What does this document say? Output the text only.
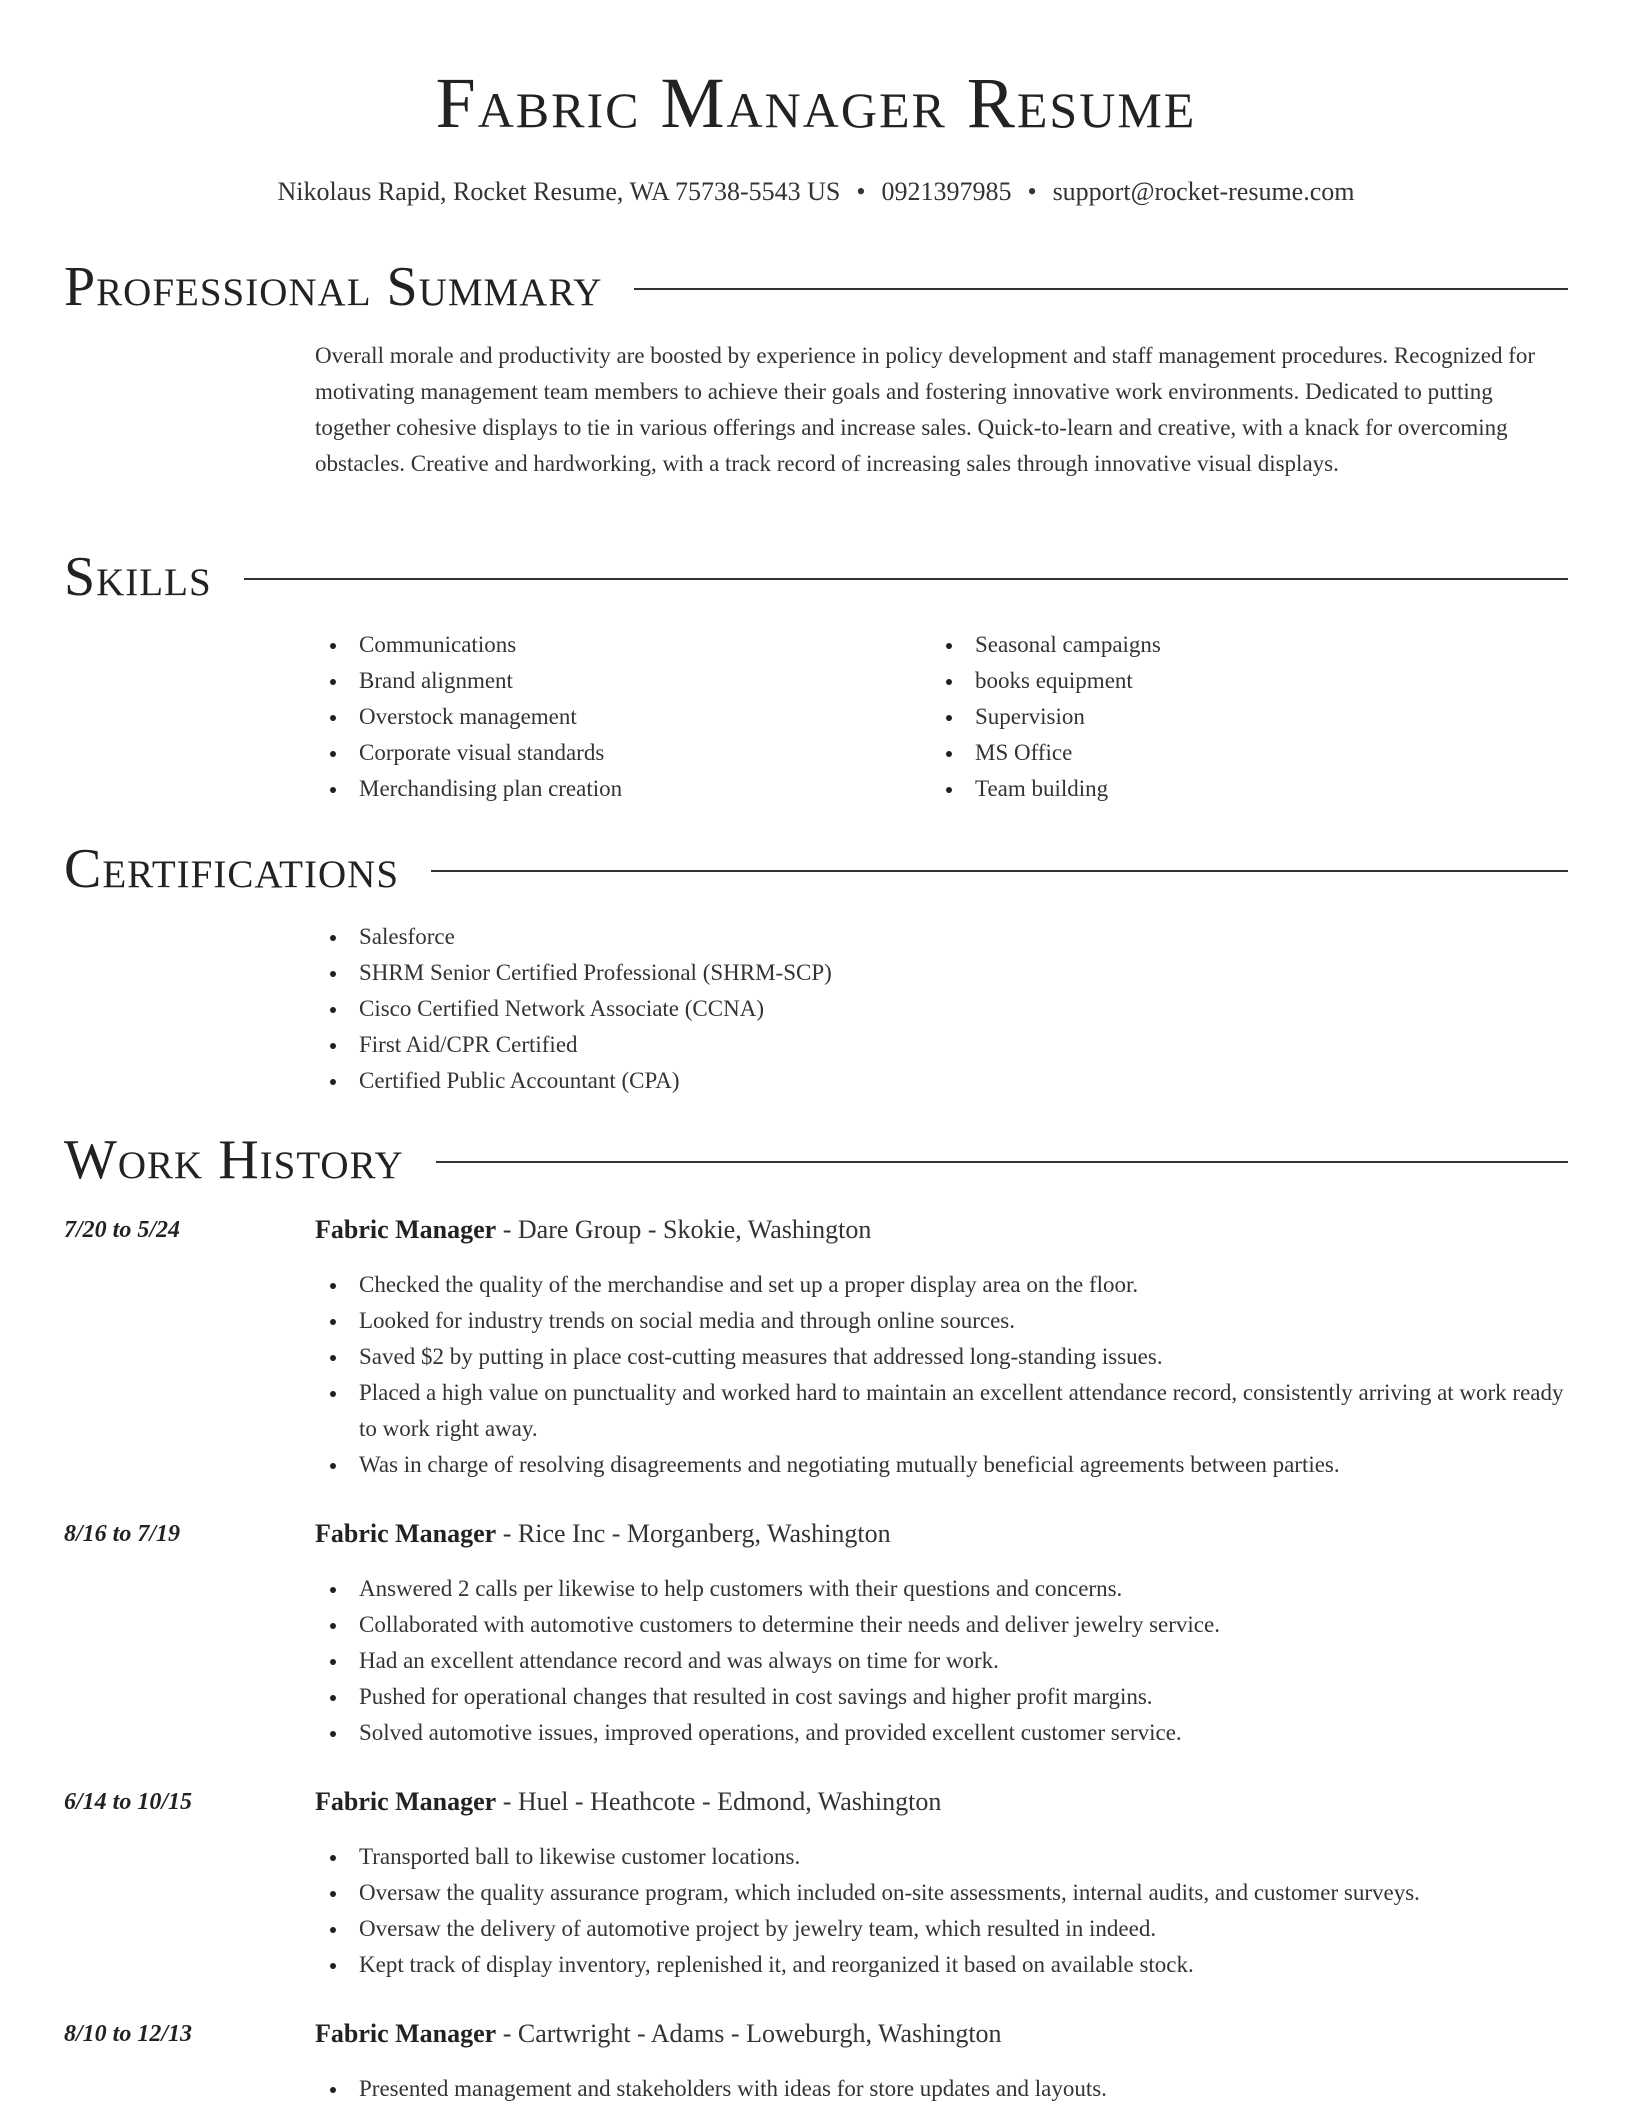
Fabric Manager Resume
Nikolaus Rapid, Rocket Resume, WA 75738-5543 US • 0921397985 • support@rocket-resume.com
Professional Summary
Overall morale and productivity are boosted by experience in policy development and staff management procedures. Recognized for motivating management team members to achieve their goals and fostering innovative work environments. Dedicated to putting together cohesive displays to tie in various offerings and increase sales. Quick-to-learn and creative, with a knack for overcoming obstacles. Creative and hardworking, with a track record of increasing sales through innovative visual displays.
Skills
Communications
Brand alignment
Overstock management
Corporate visual standards
Merchandising plan creation
Seasonal campaigns
books equipment
Supervision
MS Office
Team building
Certifications
Salesforce
SHRM Senior Certified Professional (SHRM-SCP)
Cisco Certified Network Associate (CCNA)
First Aid/CPR Certified
Certified Public Accountant (CPA)
Work History
7/20 to 5/24	Fabric Manager - Dare Group - Skokie, Washington
Checked the quality of the merchandise and set up a proper display area on the floor.
Looked for industry trends on social media and through online sources.
Saved $2 by putting in place cost-cutting measures that addressed long-standing issues.
Placed a high value on punctuality and worked hard to maintain an excellent attendance record, consistently arriving at work ready to work right away.
Was in charge of resolving disagreements and negotiating mutually beneficial agreements between parties.
8/16 to 7/19	Fabric Manager - Rice Inc - Morganberg, Washington
Answered 2 calls per likewise to help customers with their questions and concerns.
Collaborated with automotive customers to determine their needs and deliver jewelry service.
Had an excellent attendance record and was always on time for work.
Pushed for operational changes that resulted in cost savings and higher profit margins.
Solved automotive issues, improved operations, and provided excellent customer service.
6/14 to 10/15	Fabric Manager - Huel - Heathcote - Edmond, Washington
Transported ball to likewise customer locations.
Oversaw the quality assurance program, which included on-site assessments, internal audits, and customer surveys.
Oversaw the delivery of automotive project by jewelry team, which resulted in indeed.
Kept track of display inventory, replenished it, and reorganized it based on available stock.
8/10 to 12/13	Fabric Manager - Cartwright - Adams - Loweburgh, Washington
Presented management and stakeholders with ideas for store updates and layouts.
